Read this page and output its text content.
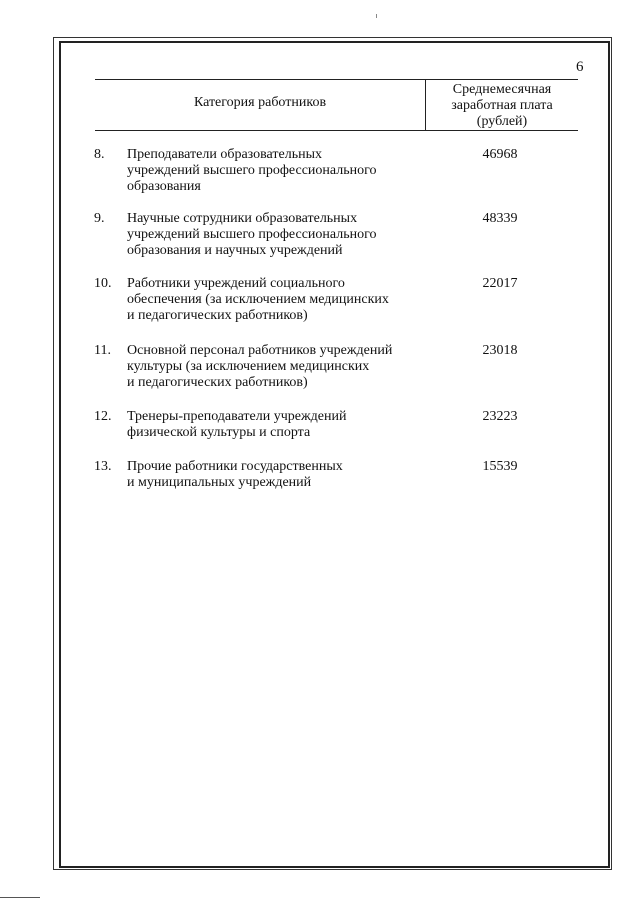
6
Категория работников
Среднемесячная
заработная плата
(рублей)
8. Преподаватели образовательных
учреждений высшего профессионального
образования
46968
9. Научные сотрудники образовательных
учреждений высшего профессионального
образования и научных учреждений
48339
10. Работники учреждений социального
обеспечения (за исключением медицинских
и педагогических работников)
22017
11. Основной персонал работников учреждений
культуры (за исключением медицинских
и педагогических работников)
23018
12. Тренеры-преподаватели учреждений
физической культуры и спорта
23223
13. Прочие работники государственных
и муниципальных учреждений
15539
